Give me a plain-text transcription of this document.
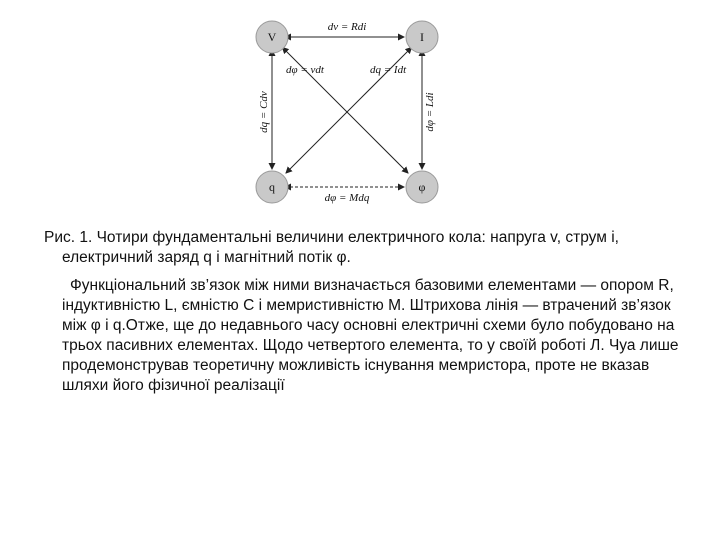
V	I
q	φ
dv = Rdi
dφ = vdt	dq = Idt
dq = Cdv	dφ = Ldi
dφ = Mdq

Рис. 1. Чотири фундаментальні величини електричного кола: напруга v, струм i, електричний заряд q і магнітний потік φ.

Функціональний зв’язок між ними визначається базовими елементами — опором R, індуктивністю L, ємністю C і мемристивністю M. Штрихова лінія — втрачений зв’язок між φ і q.Отже, ще до недавнього часу основні електричні схеми було побудовано на трьох пасивних елементах. Щодо четвертого елемента, то у своїй роботі Л. Чуа лише продемонстрував теоретичну можливість існування мемристора, проте не вказав шляхи його фізичної реалізації
